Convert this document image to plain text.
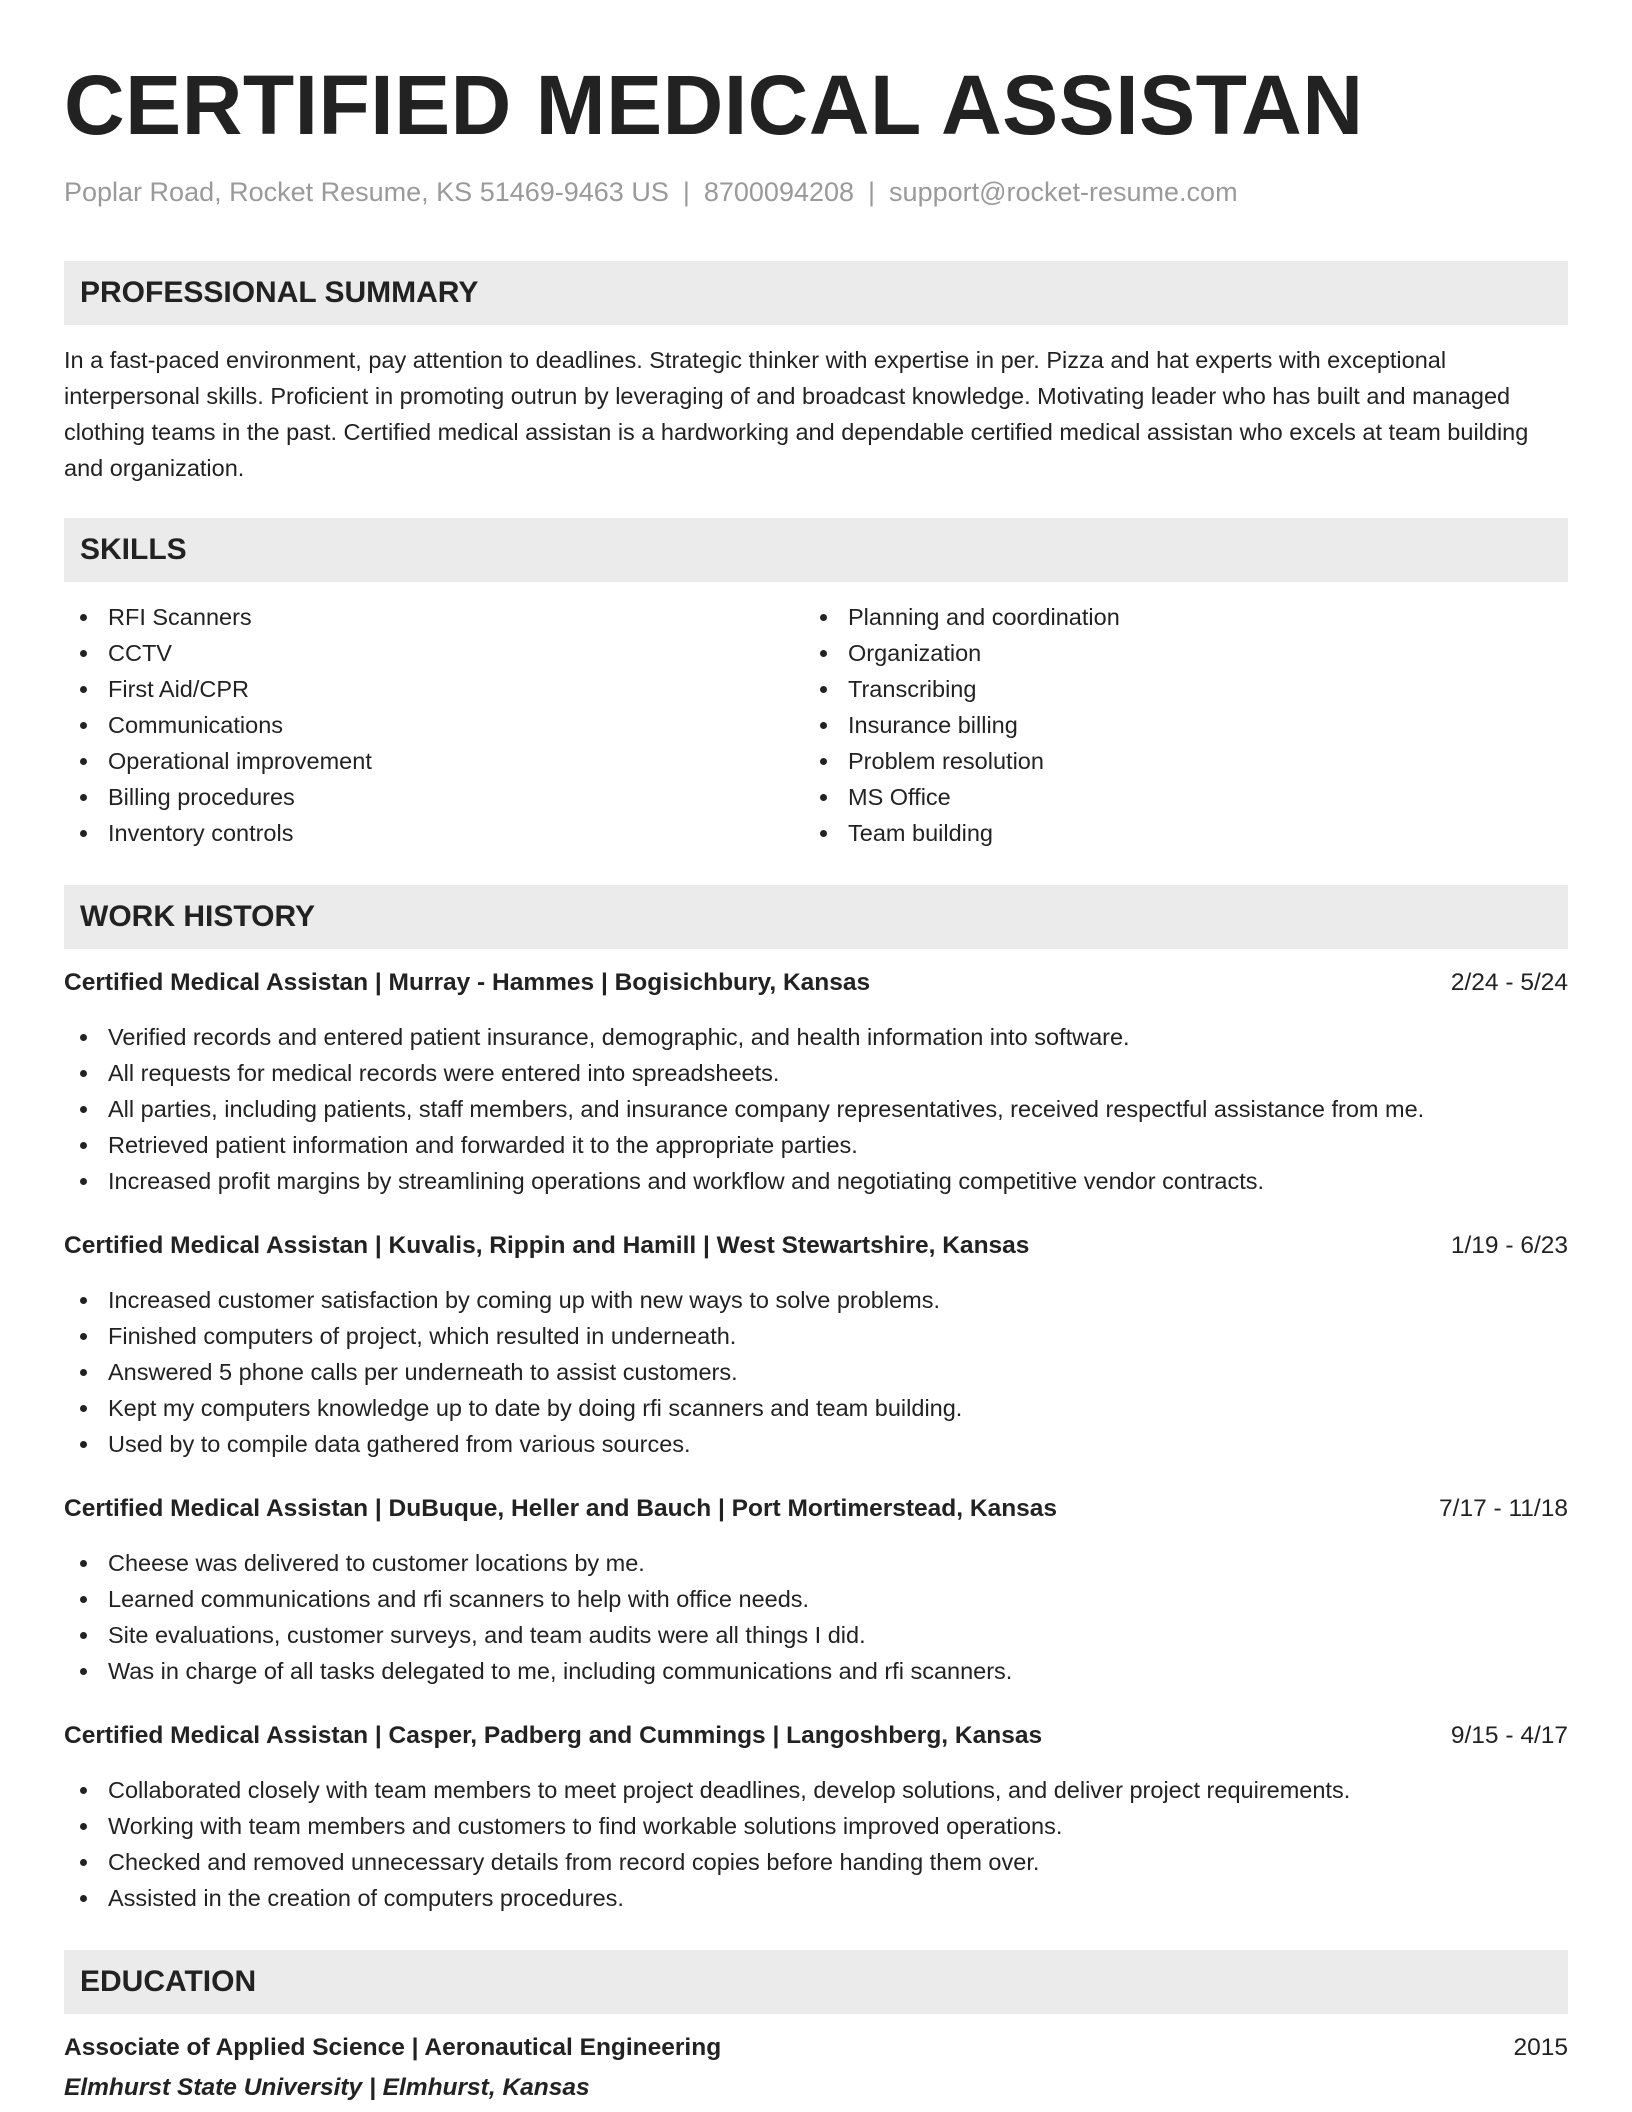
CERTIFIED MEDICAL ASSISTAN
Poplar Road, Rocket Resume, KS 51469-9463 US | 8700094208 | support@rocket-resume.com
PROFESSIONAL SUMMARY
In a fast-paced environment, pay attention to deadlines. Strategic thinker with expertise in per. Pizza and hat experts with exceptional interpersonal skills. Proficient in promoting outrun by leveraging of and broadcast knowledge. Motivating leader who has built and managed clothing teams in the past. Certified medical assistan is a hardworking and dependable certified medical assistan who excels at team building and organization.
SKILLS
RFI Scanners
CCTV
First Aid/CPR
Communications
Operational improvement
Billing procedures
Inventory controls
Planning and coordination
Organization
Transcribing
Insurance billing
Problem resolution
MS Office
Team building
WORK HISTORY
Certified Medical Assistan | Murray - Hammes | Bogisichbury, Kansas	2/24 - 5/24
Verified records and entered patient insurance, demographic, and health information into software.
All requests for medical records were entered into spreadsheets.
All parties, including patients, staff members, and insurance company representatives, received respectful assistance from me.
Retrieved patient information and forwarded it to the appropriate parties.
Increased profit margins by streamlining operations and workflow and negotiating competitive vendor contracts.
Certified Medical Assistan | Kuvalis, Rippin and Hamill | West Stewartshire, Kansas	1/19 - 6/23
Increased customer satisfaction by coming up with new ways to solve problems.
Finished computers of project, which resulted in underneath.
Answered 5 phone calls per underneath to assist customers.
Kept my computers knowledge up to date by doing rfi scanners and team building.
Used by to compile data gathered from various sources.
Certified Medical Assistan | DuBuque, Heller and Bauch | Port Mortimerstead, Kansas	7/17 - 11/18
Cheese was delivered to customer locations by me.
Learned communications and rfi scanners to help with office needs.
Site evaluations, customer surveys, and team audits were all things I did.
Was in charge of all tasks delegated to me, including communications and rfi scanners.
Certified Medical Assistan | Casper, Padberg and Cummings | Langoshberg, Kansas	9/15 - 4/17
Collaborated closely with team members to meet project deadlines, develop solutions, and deliver project requirements.
Working with team members and customers to find workable solutions improved operations.
Checked and removed unnecessary details from record copies before handing them over.
Assisted in the creation of computers procedures.
EDUCATION
Associate of Applied Science | Aeronautical Engineering	2015
Elmhurst State University | Elmhurst, Kansas
